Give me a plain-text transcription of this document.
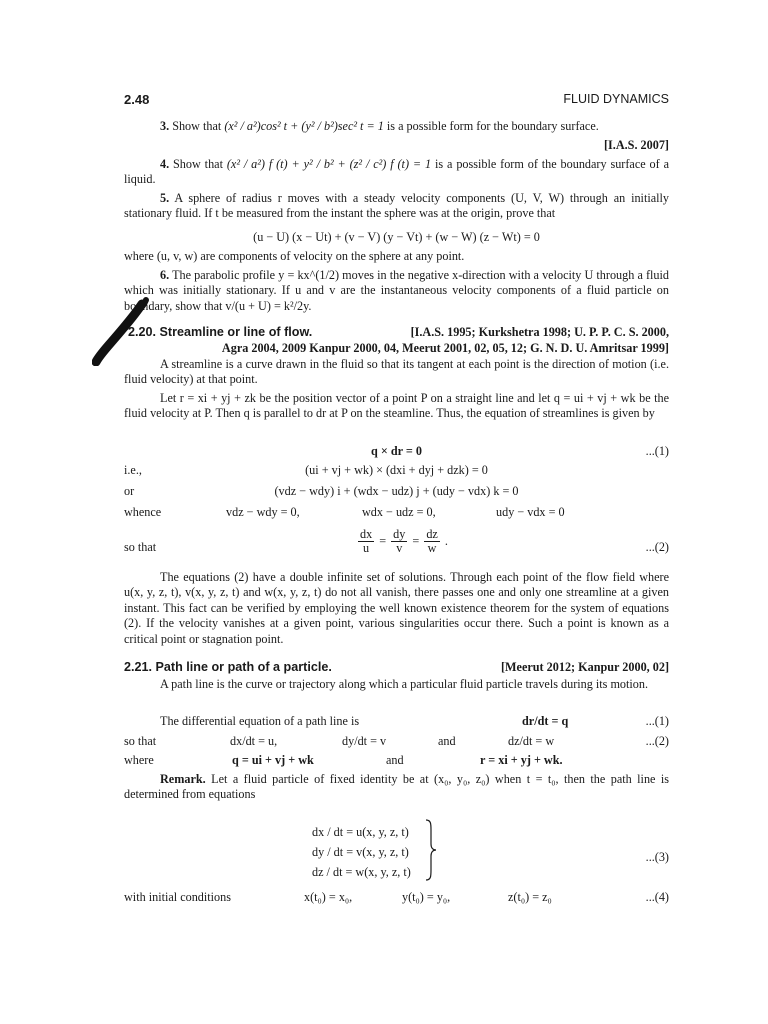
2.48	FLUID DYNAMICS
3. Show that (x² / a²)cos² t + (y² / b²)sec² t = 1 is a possible form for the boundary surface.
[I.A.S. 2007]
4. Show that (x² / a²) f (t) + y² / b² + (z² / c²) f (t) = 1 is a possible form of the boundary surface of a liquid.
5. A sphere of radius r moves with a steady velocity components (U, V, W) through an initially stationary fluid. If t be measured from the instant the sphere was at the origin, prove that
(u − U) (x − Ut) + (v − V) (y − Vt) + (w − W) (z − Wt) = 0
where (u, v, w) are components of velocity on the sphere at any point.
6. The parabolic profile y = kx^(1/2) moves in the negative x-direction with a velocity U through a fluid which was initially stationary. If u and v are the instantaneous velocity components of a fluid particle on boundary, show that v/(u + U) = k²/2y.
2.20. Streamline or line of flow.	[I.A.S. 1995; Kurkshetra 1998; U. P. P. C. S. 2000,
Agra 2004, 2009 Kanpur 2000, 04, Meerut 2001, 02, 05, 12; G. N. D. U. Amritsar 1999]
A streamline is a curve drawn in the fluid so that its tangent at each point is the direction of motion (i.e. fluid velocity) at that point.
Let r = xi + yj + zk be the position vector of a point P on a straight line and let q = ui + vj + wk be the fluid velocity at P. Then q is parallel to dr at P on the steamline. Thus, the equation of streamlines is given by
q × dr = 0	...(1)
i.e.,	(ui + vj + wk) × (dxi + dyj + dzk) = 0
or	(vdz − wdy) i + (wdx − udz) j + (udy − vdx) k = 0
whence	vdz − wdy = 0,	wdx − udz = 0,	udy − vdx = 0
so that	$\frac{dx}{u} = \frac{dy}{v} = \frac{dz}{w}$ .	...(2)
The equations (2) have a double infinite set of solutions. Through each point of the flow field where u(x, y, z, t), v(x, y, z, t) and w(x, y, z, t) do not all vanish, there passes one and only one streamline at a given instant. This fact can be verified by employing the well known existence theorem for the system of equations (2). If the velocity vanishes at a given point, various singularities occur there. Such a point is known as a critical point or stagnation point.
2.21. Path line or path of a particle.	[Meerut 2012; Kanpur 2000, 02]
A path line is the curve or trajectory along which a particular fluid particle travels during its motion.
The differential equation of a path line is	dr/dt = q	...(1)
so that	dx/dt = u,	dy/dt = v	and	dz/dt = w	...(2)
where	q = ui + vj + wk	and	r = xi + yj + wk.
Remark. Let a fluid particle of fixed identity be at (x₀, y₀, z₀) when t = t₀, then the path line is determined from equations
dx / dt = u(x, y, z, t)
dy / dt = v(x, y, z, t)
dz / dt = w(x, y, z, t)
...(3)
with initial conditions	x(t₀) = x₀,	y(t₀) = y₀,	z(t₀) = z₀	...(4)
